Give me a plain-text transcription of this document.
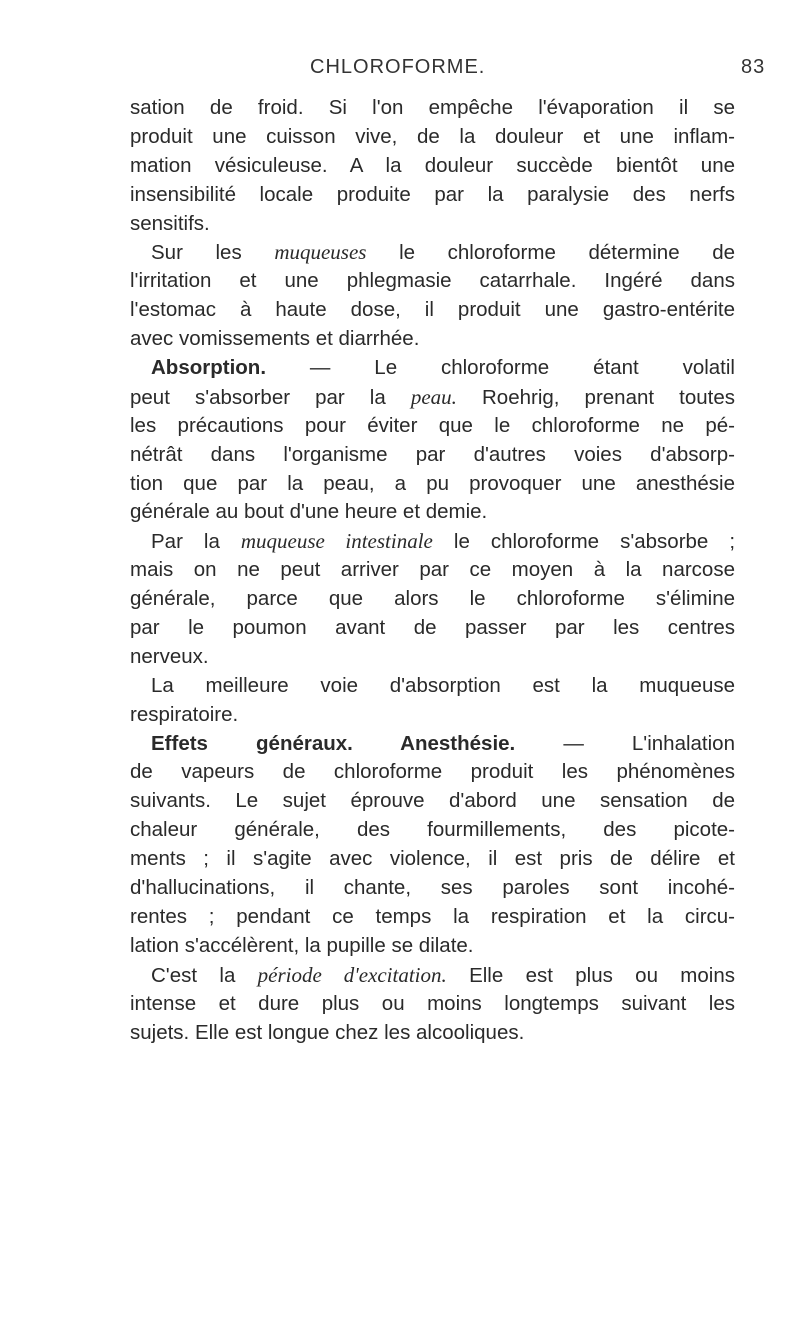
CHLOROFORME.	83
sation de froid. Si l'on empêche l'évaporation il se
produit une cuisson vive, de la douleur et une inflam-
mation vésiculeuse. A la douleur succède bientôt une
insensibilité locale produite par la paralysie des nerfs
sensitifs.
Sur les muqueuses le chloroforme détermine de
l'irritation et une phlegmasie catarrhale. Ingéré dans
l'estomac à haute dose, il produit une gastro-entérite
avec vomissements et diarrhée.
Absorption. — Le chloroforme étant volatil
peut s'absorber par la peau. Roehrig, prenant toutes
les précautions pour éviter que le chloroforme ne pé-
nétrât dans l'organisme par d'autres voies d'absorp-
tion que par la peau, a pu provoquer une anesthésie
générale au bout d'une heure et demie.
Par la muqueuse intestinale le chloroforme s'absorbe ;
mais on ne peut arriver par ce moyen à la narcose
générale, parce que alors le chloroforme s'élimine
par le poumon avant de passer par les centres
nerveux.
La meilleure voie d'absorption est la muqueuse
respiratoire.
Effets généraux. Anesthésie. — L'inhalation
de vapeurs de chloroforme produit les phénomènes
suivants. Le sujet éprouve d'abord une sensation de
chaleur générale, des fourmillements, des picote-
ments ; il s'agite avec violence, il est pris de délire et
d'hallucinations, il chante, ses paroles sont incohé-
rentes ; pendant ce temps la respiration et la circu-
lation s'accélèrent, la pupille se dilate.
C'est la période d'excitation. Elle est plus ou moins
intense et dure plus ou moins longtemps suivant les
sujets. Elle est longue chez les alcooliques.
